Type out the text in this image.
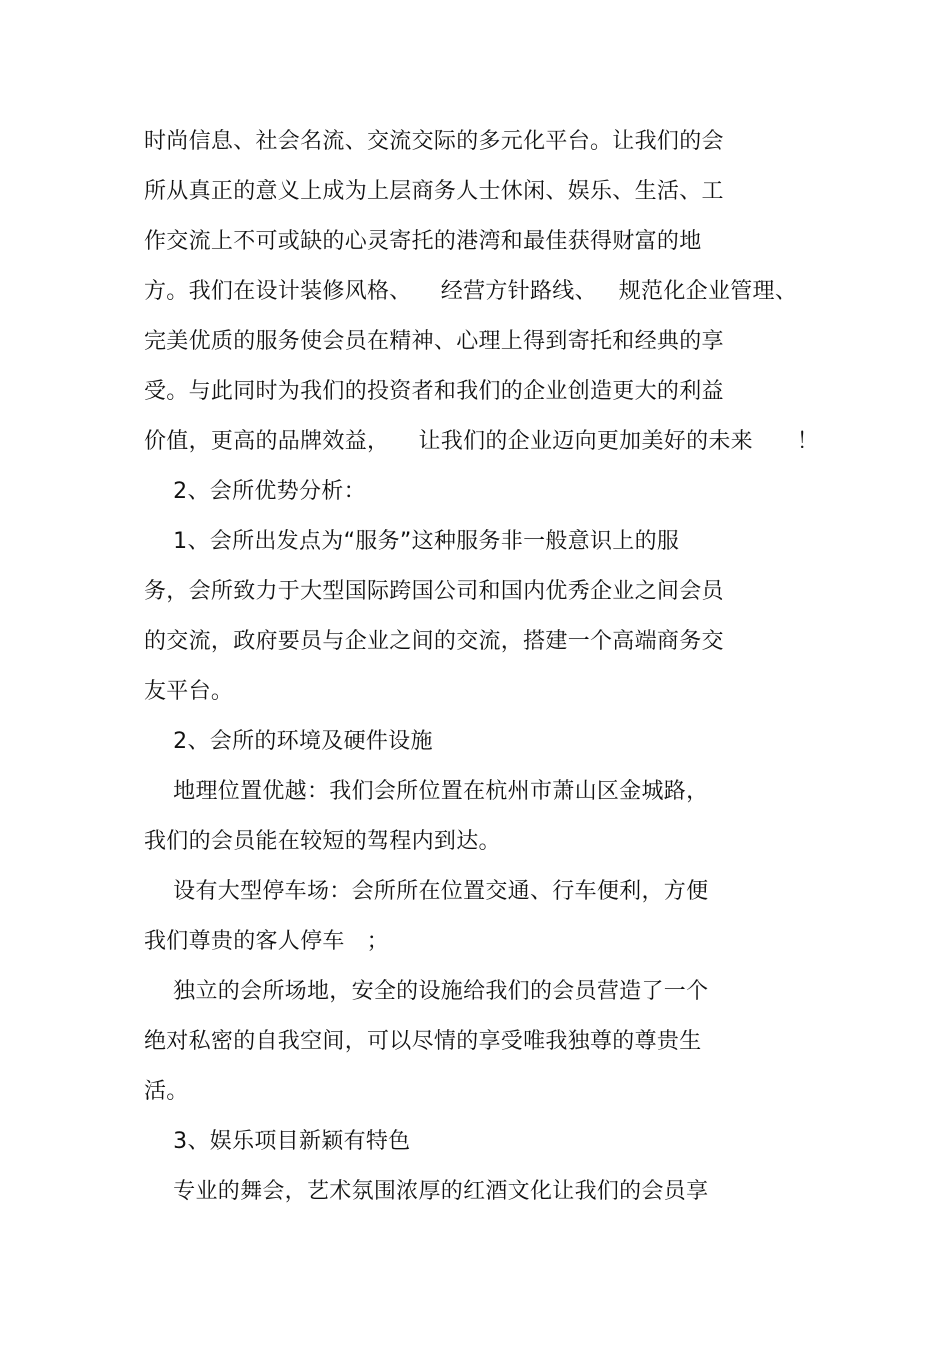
时尚信息、社会名流、交流交际的多元化平台。让我们的会
所从真正的意义上成为上层商务人士休闲、娱乐、生活、工
作交流上不可或缺的心灵寄托的港湾和最佳获得财富的地
方。我们在设计装修风格、    经营方针路线、   规范化企业管理、
完美优质的服务使会员在精神、心理上得到寄托和经典的享
受。与此同时为我们的投资者和我们的企业创造更大的利益
价值，更高的品牌效益，    让我们的企业迈向更加美好的未来      ！
2、会所优势分析：
1、会所出发点为“服务”这种服务非一般意识上的服
务，会所致力于大型国际跨国公司和国内优秀企业之间会员
的交流，政府要员与企业之间的交流，搭建一个高端商务交
友平台。
2、会所的环境及硬件设施
地理位置优越：我们会所位置在杭州市萧山区金城路，
我们的会员能在较短的驾程内到达。
设有大型停车场：会所所在位置交通、行车便利，方便
我们尊贵的客人停车   ；
独立的会所场地，安全的设施给我们的会员营造了一个
绝对私密的自我空间，可以尽情的享受唯我独尊的尊贵生
活。
3、娱乐项目新颖有特色
专业的舞会，艺术氛围浓厚的红酒文化让我们的会员享
